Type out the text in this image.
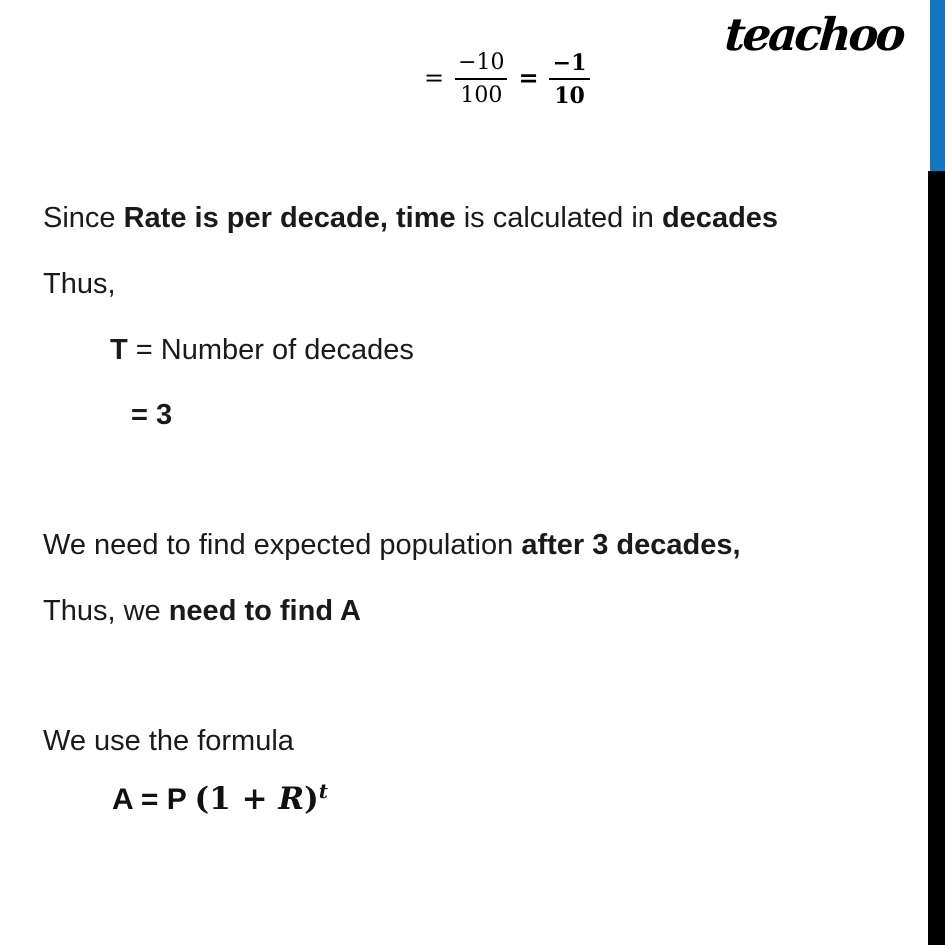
teachoo
= $\frac{-10}{100} = \frac{-1}{10}$
Since Rate is per decade, time is calculated in decades
Thus,
T = Number of decades
= 3
We need to find expected population after 3 decades,
Thus, we need to find A
We use the formula
A = P $(1 + R)^t$
